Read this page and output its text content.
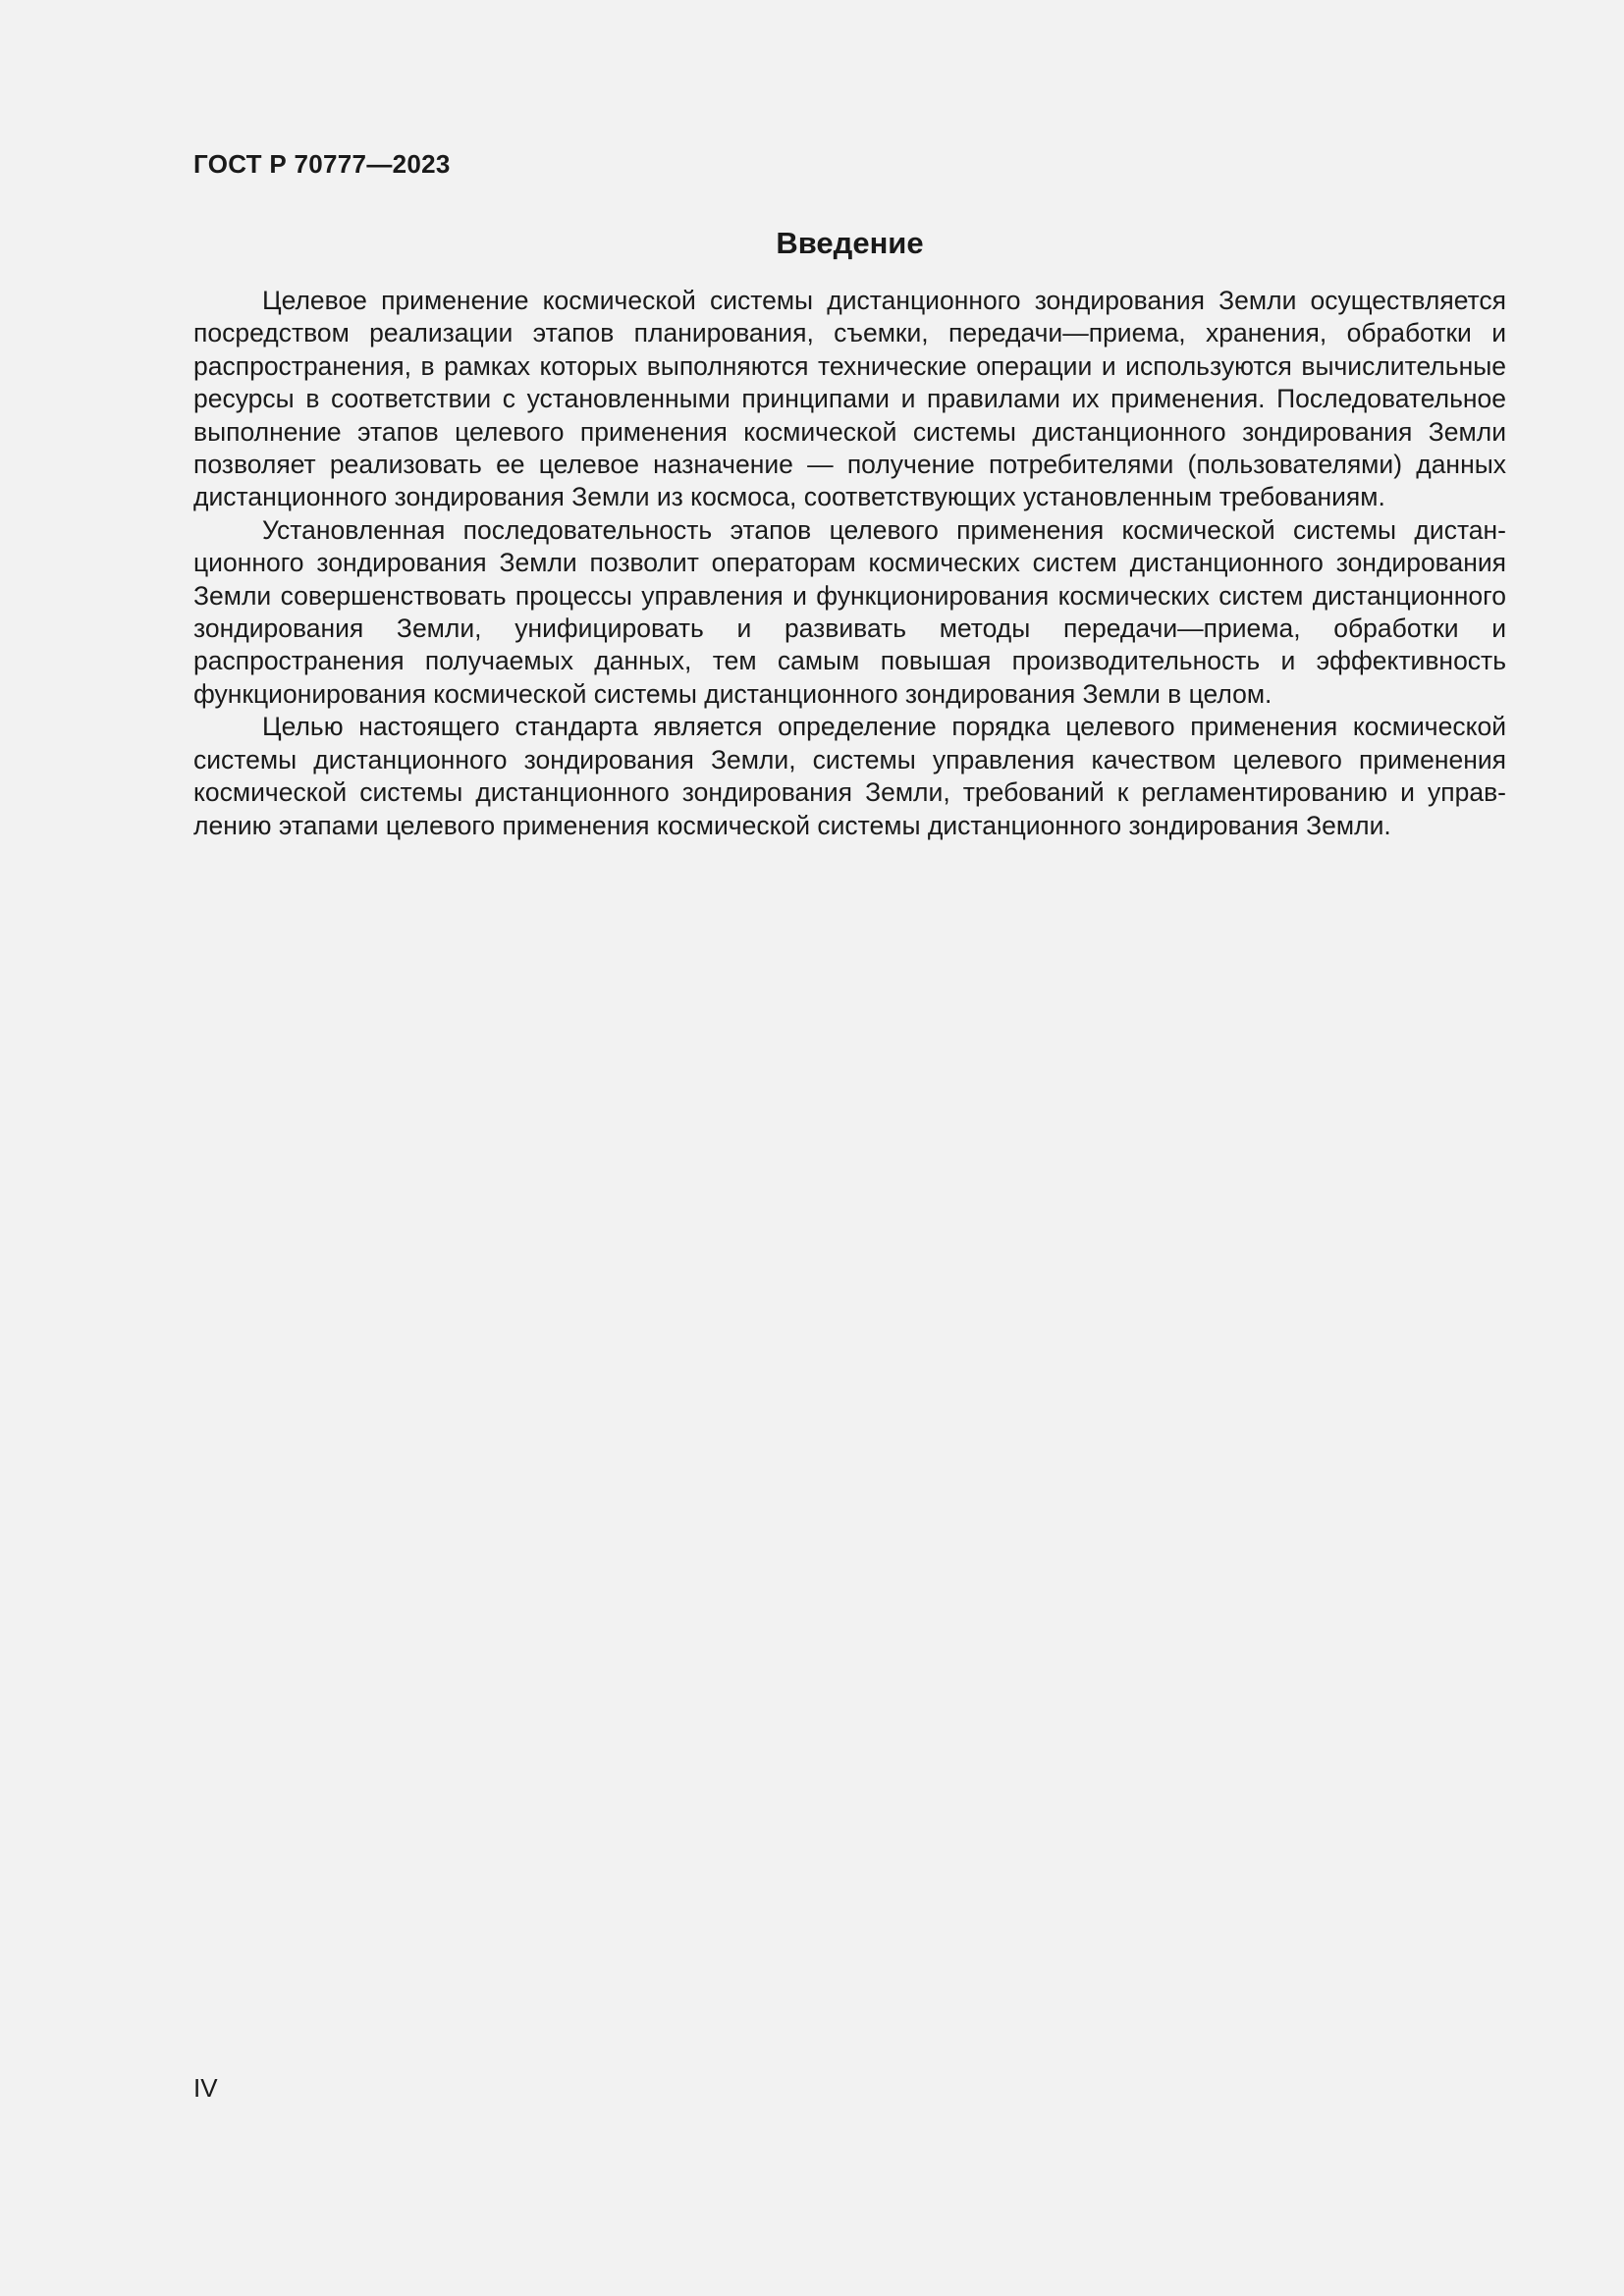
ГОСТ Р 70777—2023
Введение

Целевое применение космической системы дистанционного зондирования Земли осуществляется посредством реализации этапов планирования, съемки, передачи—приема, хранения, обработки и распространения, в рамках которых выполняются технические операции и используются вычислительные ресурсы в соответствии с установленными принципами и правилами их применения. Последовательное выполнение этапов целевого применения космической системы дистанционного зондирования Земли позволяет реализовать ее целевое назначение — получение потребителями (пользователями) данных дистанционного зондирования Земли из космоса, соответствующих установленным требованиям.

Установленная последовательность этапов целевого применения космической системы дистанционного зондирования Земли позволит операторам космических систем дистанционного зондирования Земли совершенствовать процессы управления и функционирования космических систем дистанционного зондирования Земли, унифицировать и развивать методы передачи—приема, обработки и распространения получаемых данных, тем самым повышая производительность и эффективность функционирования космической системы дистанционного зондирования Земли в целом.

Целью настоящего стандарта является определение порядка целевого применения космической системы дистанционного зондирования Земли, системы управления качеством целевого применения космической системы дистанционного зондирования Земли, требований к регламентированию и управлению этапами целевого применения космической системы дистанционного зондирования Земли.

IV
